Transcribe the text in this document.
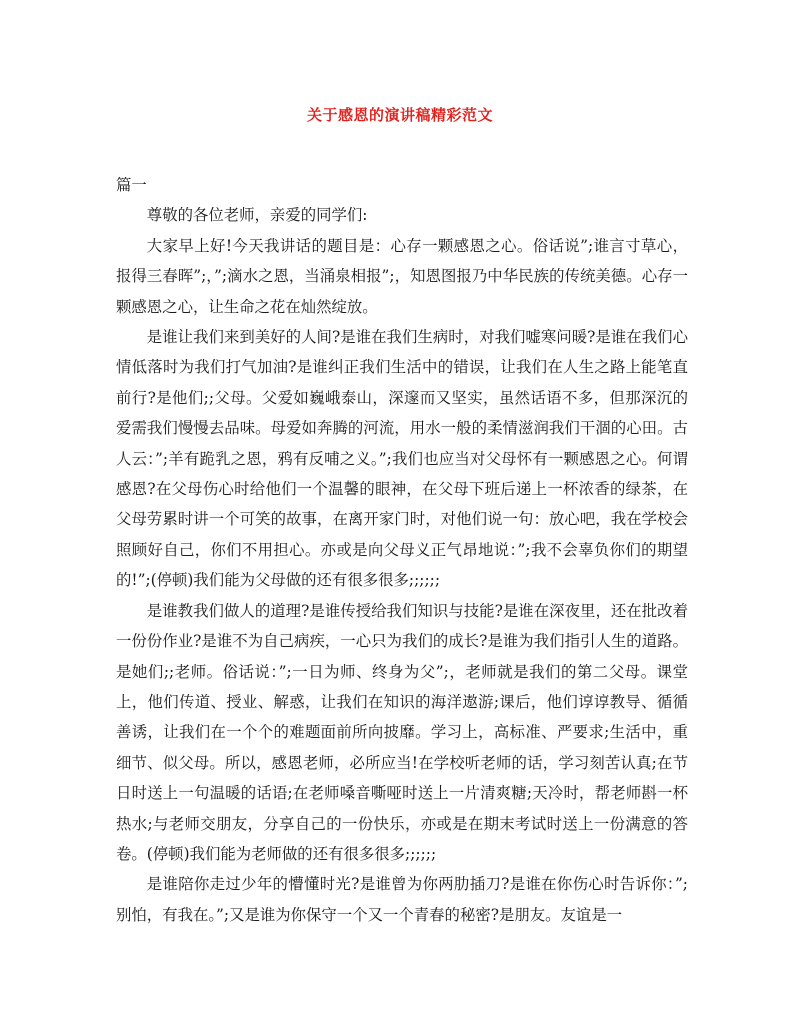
关于感恩的演讲稿精彩范文

篇一

尊敬的各位老师，亲爱的同学们:

大家早上好!今天我讲话的题目是：心存一颗感恩之心。俗话说”;谁言寸草心，报得三春晖”;，”;滴水之恩，当涌泉相报”;，知恩图报乃中华民族的传统美德。心存一颗感恩之心，让生命之花在灿然绽放。

是谁让我们来到美好的人间?是谁在我们生病时，对我们嘘寒问暖?是谁在我们心情低落时为我们打气加油?是谁纠正我们生活中的错误，让我们在人生之路上能笔直前行?是他们;;父母。父爱如巍峨泰山，深邃而又坚实，虽然话语不多，但那深沉的爱需我们慢慢去品味。母爱如奔腾的河流，用水一般的柔情滋润我们干涸的心田。古人云：”;羊有跪乳之恩，鸦有反哺之义。”;我们也应当对父母怀有一颗感恩之心。何谓感恩?在父母伤心时给他们一个温馨的眼神，在父母下班后递上一杯浓香的绿茶，在父母劳累时讲一个可笑的故事，在离开家门时，对他们说一句：放心吧，我在学校会照顾好自己，你们不用担心。亦或是向父母义正气昂地说：”;我不会辜负你们的期望的!”;(停顿)我们能为父母做的还有很多很多;;;;;;

是谁教我们做人的道理?是谁传授给我们知识与技能?是谁在深夜里，还在批改着一份份作业?是谁不为自己病疾，一心只为我们的成长?是谁为我们指引人生的道路。是她们;;老师。俗话说：”;一日为师、终身为父”;，老师就是我们的第二父母。课堂上，他们传道、授业、解惑，让我们在知识的海洋遨游;课后，他们谆谆教导、循循善诱，让我们在一个个的难题面前所向披靡。学习上，高标准、严要求;生活中，重细节、似父母。所以，感恩老师，必所应当!在学校听老师的话，学习刻苦认真;在节日时送上一句温暖的话语;在老师嗓音嘶哑时送上一片清爽糖;天冷时，帮老师斟一杯热水;与老师交朋友，分享自己的一份快乐，亦或是在期末考试时送上一份满意的答卷。(停顿)我们能为老师做的还有很多很多;;;;;;

是谁陪你走过少年的懵懂时光?是谁曾为你两肋插刀?是谁在你伤心时告诉你：”;别怕，有我在。”;又是谁为你保守一个又一个青春的秘密?是朋友。友谊是一
